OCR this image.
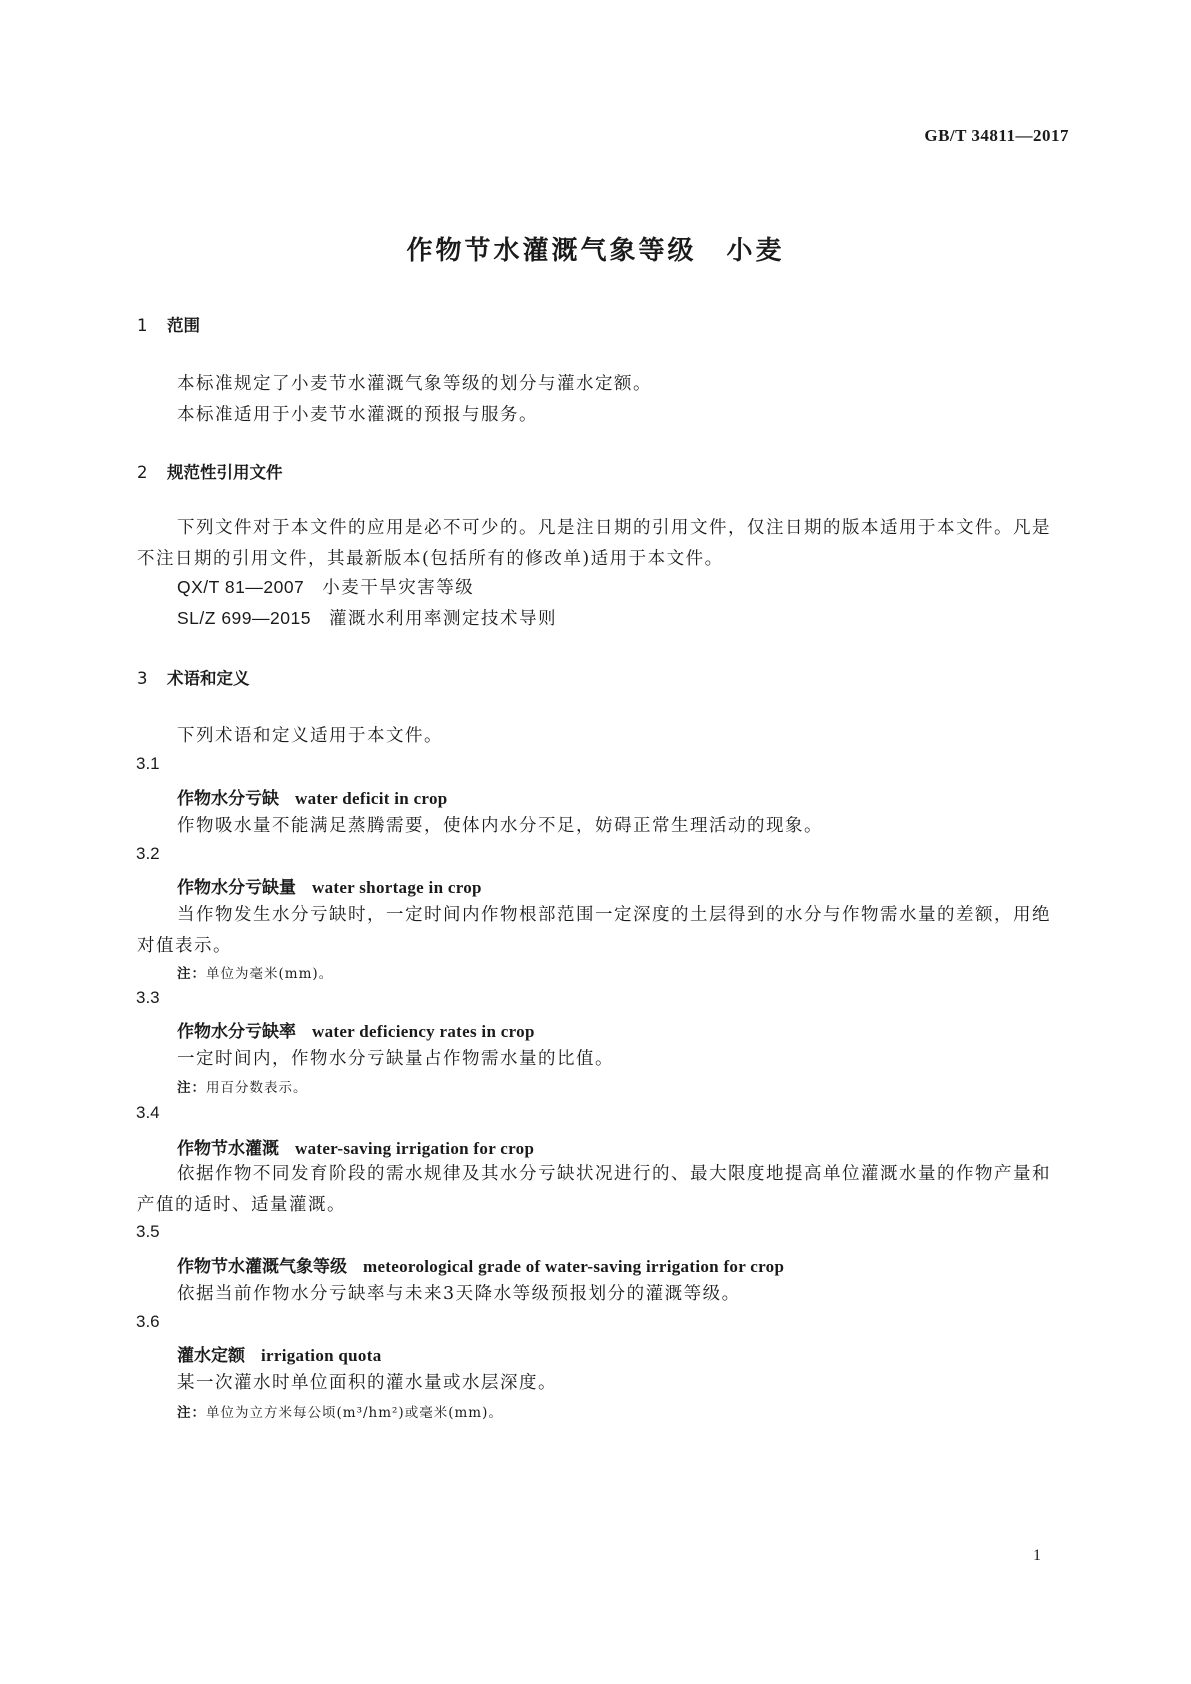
GB/T 34811—2017
作物节水灌溉气象等级 小麦
1 范围
本标准规定了小麦节水灌溉气象等级的划分与灌水定额。
本标准适用于小麦节水灌溉的预报与服务。
2 规范性引用文件
下列文件对于本文件的应用是必不可少的。凡是注日期的引用文件，仅注日期的版本适用于本文件。凡是不注日期的引用文件，其最新版本(包括所有的修改单)适用于本文件。
QX/T 81—2007 小麦干旱灾害等级
SL/Z 699—2015 灌溉水利用率测定技术导则
3 术语和定义
下列术语和定义适用于本文件。
3.1
作物水分亏缺 water deficit in crop
作物吸水量不能满足蒸腾需要，使体内水分不足，妨碍正常生理活动的现象。
3.2
作物水分亏缺量 water shortage in crop
当作物发生水分亏缺时，一定时间内作物根部范围一定深度的土层得到的水分与作物需水量的差额，用绝对值表示。
注：单位为毫米(mm)。
3.3
作物水分亏缺率 water deficiency rates in crop
一定时间内，作物水分亏缺量占作物需水量的比值。
注：用百分数表示。
3.4
作物节水灌溉 water-saving irrigation for crop
依据作物不同发育阶段的需水规律及其水分亏缺状况进行的、最大限度地提高单位灌溉水量的作物产量和产值的适时、适量灌溉。
3.5
作物节水灌溉气象等级 meteorological grade of water-saving irrigation for crop
依据当前作物水分亏缺率与未来3天降水等级预报划分的灌溉等级。
3.6
灌水定额 irrigation quota
某一次灌水时单位面积的灌水量或水层深度。
注：单位为立方米每公顷(m³/hm²)或毫米(mm)。
1
